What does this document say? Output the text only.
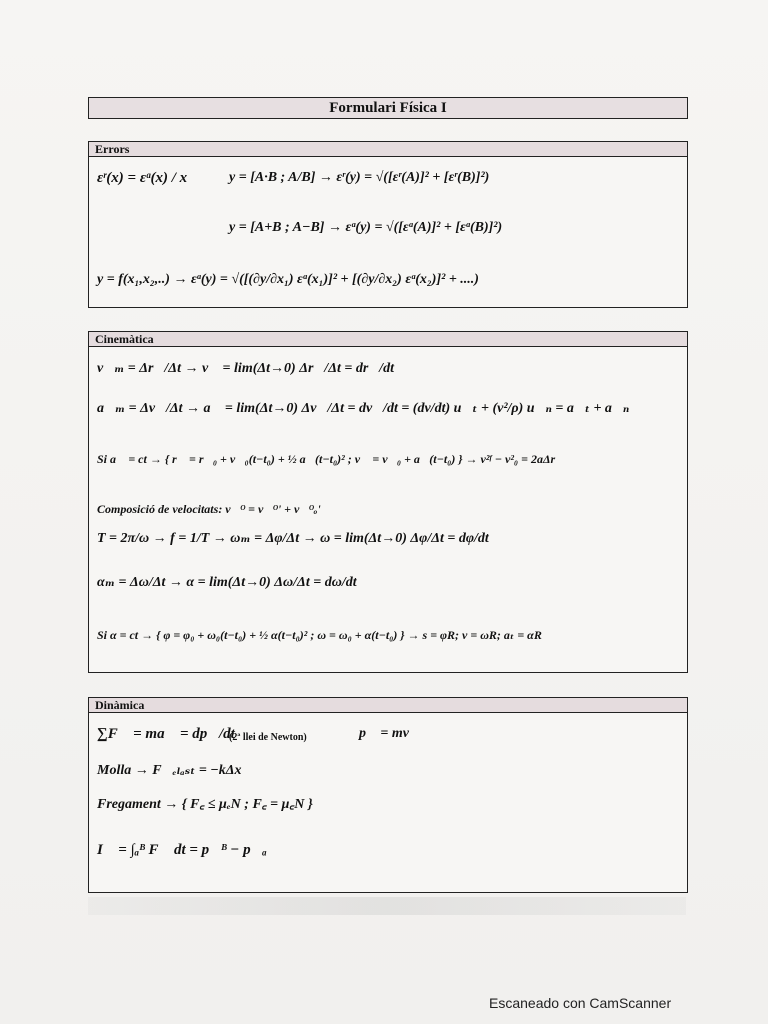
Formulari Física I
Errors
εʳ(x) = εᵃ(x) / x	y = [A·B ; A/B] → εʳ(y) = √([εʳ(A)]² + [εʳ(B)]²)
y = [A+B ; A−B] → εᵃ(y) = √([εᵃ(A)]² + [εᵃ(B)]²)
y = f(x₁,x₂,..) → εᵃ(y) = √([(∂y/∂x₁) εᵃ(x₁)]² + [(∂y/∂x₂) εᵃ(x₂)]² + ....)
Cinemàtica
v⃗ₘ = Δr⃗/Δt → v⃗ = lim(Δt→0) Δr⃗/Δt = dr⃗/dt
a⃗ₘ = Δv⃗/Δt → a⃗ = lim(Δt→0) Δv⃗/Δt = dv⃗/dt = (dv/dt) u⃗ₜ + (v²/ρ) u⃗ₙ = a⃗ₜ + a⃗ₙ
Si a⃗ = ct → { r⃗ = r⃗₀ + v⃗₀(t−t₀) + ½ a⃗(t−t₀)² ; v⃗ = v⃗₀ + a⃗(t−t₀) } → v²ᶠ − v²₀ = 2aΔr
Composició de velocitats: v⃗ᴼ = v⃗ᴼ' + v⃗ᴼₒ'
T = 2π/ω → f = 1/T → ωₘ = Δφ/Δt → ω = lim(Δt→0) Δφ/Δt = dφ/dt
αₘ = Δω/Δt → α = lim(Δt→0) Δω/Δt = dω/dt
Si α = ct → { φ = φ₀ + ω₀(t−t₀) + ½ α(t−t₀)² ; ω = ω₀ + α(t−t₀) } → s = φR; v = ωR; aₜ = αR
Dinàmica
∑F⃗ = ma⃗ = dp⃗/dt
(2ª llei de Newton)	p⃗ = mv⃗
Molla → F⃗ₑₗₐₛₜ = −kΔx⃗
Fregament → { F꜀ ≤ μₑN ; F꜀ = μ꜀N }
I⃗ = ∫ₐᴮ F⃗ dt = p⃗ᴮ − p⃗ₐ
Escaneado con CamScanner
